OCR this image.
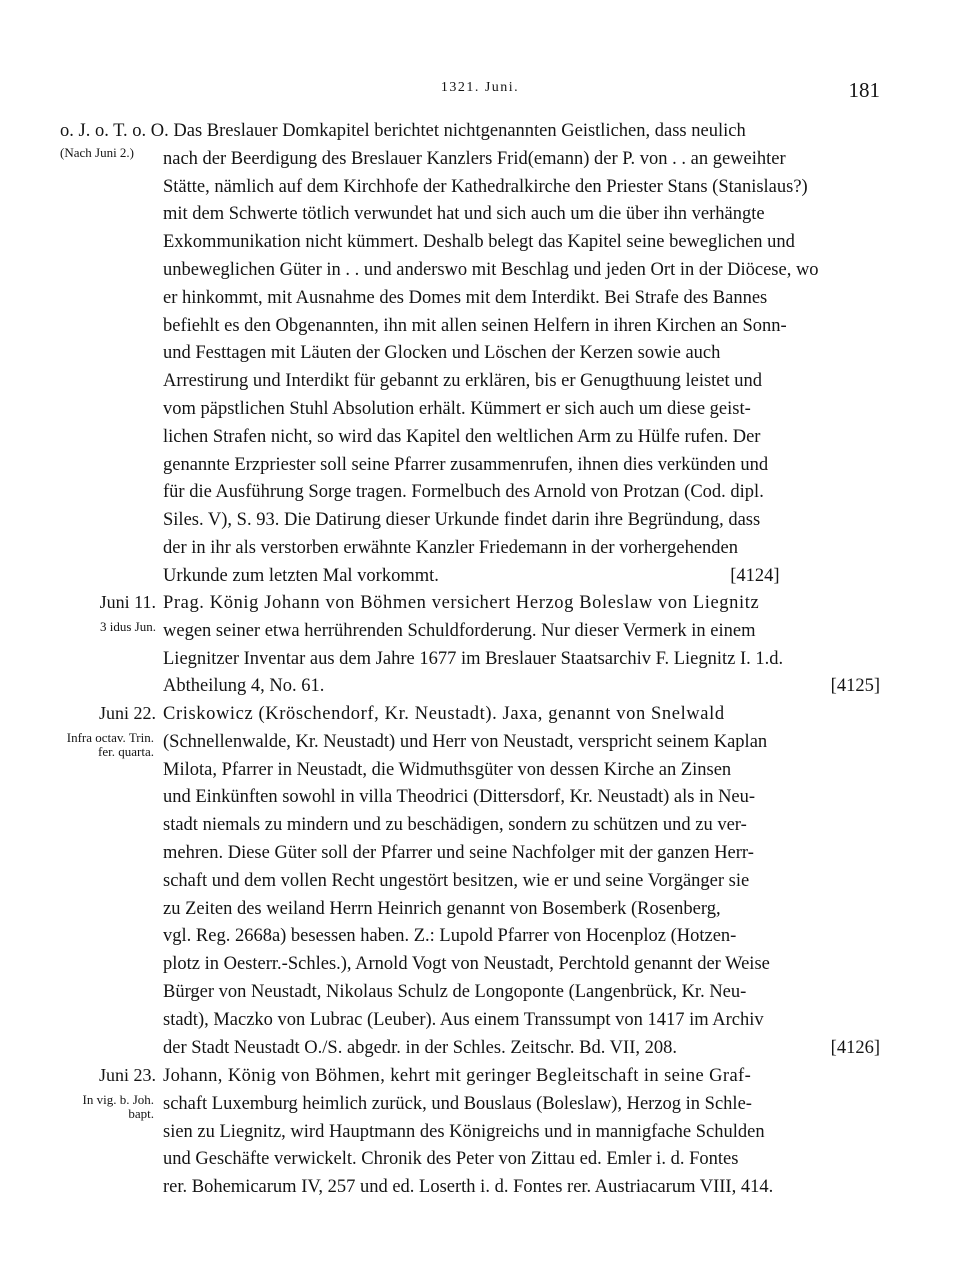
1321. Juni.	181
(Nach Juni 2.)
o. J. o. T. o. O. Das Breslauer Domkapitel berichtet nichtgenannten Geistlichen, dass neulich
nach der Beerdigung des Breslauer Kanzlers Frid(emann) der P. von . . an geweihter
Stätte, nämlich auf dem Kirchhofe der Kathedralkirche den Priester Stans (Stanislaus?)
mit dem Schwerte tötlich verwundet hat und sich auch um die über ihn verhängte
Exkommunikation nicht kümmert. Deshalb belegt das Kapitel seine beweglichen und
unbeweglichen Güter in . . und anderswo mit Beschlag und jeden Ort in der Diöcese, wo
er hinkommt, mit Ausnahme des Domes mit dem Interdikt. Bei Strafe des Bannes
befiehlt es den Obgenannten, ihn mit allen seinen Helfern in ihren Kirchen an Sonn-
und Festtagen mit Läuten der Glocken und Löschen der Kerzen sowie auch
Arrestirung und Interdikt für gebannt zu erklären, bis er Genugthuung leistet und
vom päpstlichen Stuhl Absolution erhält. Kümmert er sich auch um diese geist-
lichen Strafen nicht, so wird das Kapitel den weltlichen Arm zu Hülfe rufen. Der
genannte Erzpriester soll seine Pfarrer zusammenrufen, ihnen dies verkünden und
für die Ausführung Sorge tragen. Formelbuch des Arnold von Protzan (Cod. dipl.
Siles. V), S. 93. Die Datirung dieser Urkunde findet darin ihre Begründung, dass
der in ihr als verstorben erwähnte Kanzler Friedemann in der vorhergehenden
Urkunde zum letzten Mal vorkommt.                                                               [4124]
Juni 11.
3 idus Jun.
Prag. König Johann von Böhmen versichert Herzog Boleslaw von Liegnitz
wegen seiner etwa herrührenden Schuldforderung. Nur dieser Vermerk in einem
Liegnitzer Inventar aus dem Jahre 1677 im Breslauer Staatsarchiv F. Liegnitz I. 1.d.
Abtheilung 4, No. 61.	[4125]
Juni 22.
Infra octav. Trin. fer. quarta.
Criskowicz (Kröschendorf, Kr. Neustadt). Jaxa, genannt von Snelwald
(Schnellenwalde, Kr. Neustadt) und Herr von Neustadt, verspricht seinem Kaplan
Milota, Pfarrer in Neustadt, die Widmuthsgüter von dessen Kirche an Zinsen
und Einkünften sowohl in villa Theodrici (Dittersdorf, Kr. Neustadt) als in Neu-
stadt niemals zu mindern und zu beschädigen, sondern zu schützen und zu ver-
mehren. Diese Güter soll der Pfarrer und seine Nachfolger mit der ganzen Herr-
schaft und dem vollen Recht ungestört besitzen, wie er und seine Vorgänger sie
zu Zeiten des weiland Herrn Heinrich genannt von Bosemberk (Rosenberg,
vgl. Reg. 2668a) besessen haben. Z.: Lupold Pfarrer von Hocenploz (Hotzen-
plotz in Oesterr.-Schles.), Arnold Vogt von Neustadt, Perchtold genannt der Weise
Bürger von Neustadt, Nikolaus Schulz de Longoponte (Langenbrück, Kr. Neu-
stadt), Maczko von Lubrac (Leuber). Aus einem Transsumpt von 1417 im Archiv
der Stadt Neustadt O./S. abgedr. in der Schles. Zeitschr. Bd. VII, 208.	[4126]
Juni 23.
In vig. b. Joh. bapt.
Johann, König von Böhmen, kehrt mit geringer Begleitschaft in seine Graf-
schaft Luxemburg heimlich zurück, und Bouslaus (Boleslaw), Herzog in Schle-
sien zu Liegnitz, wird Hauptmann des Königreichs und in mannigfache Schulden
und Geschäfte verwickelt. Chronik des Peter von Zittau ed. Emler i. d. Fontes
rer. Bohemicarum IV, 257 und ed. Loserth i. d. Fontes rer. Austriacarum VIII, 414.
